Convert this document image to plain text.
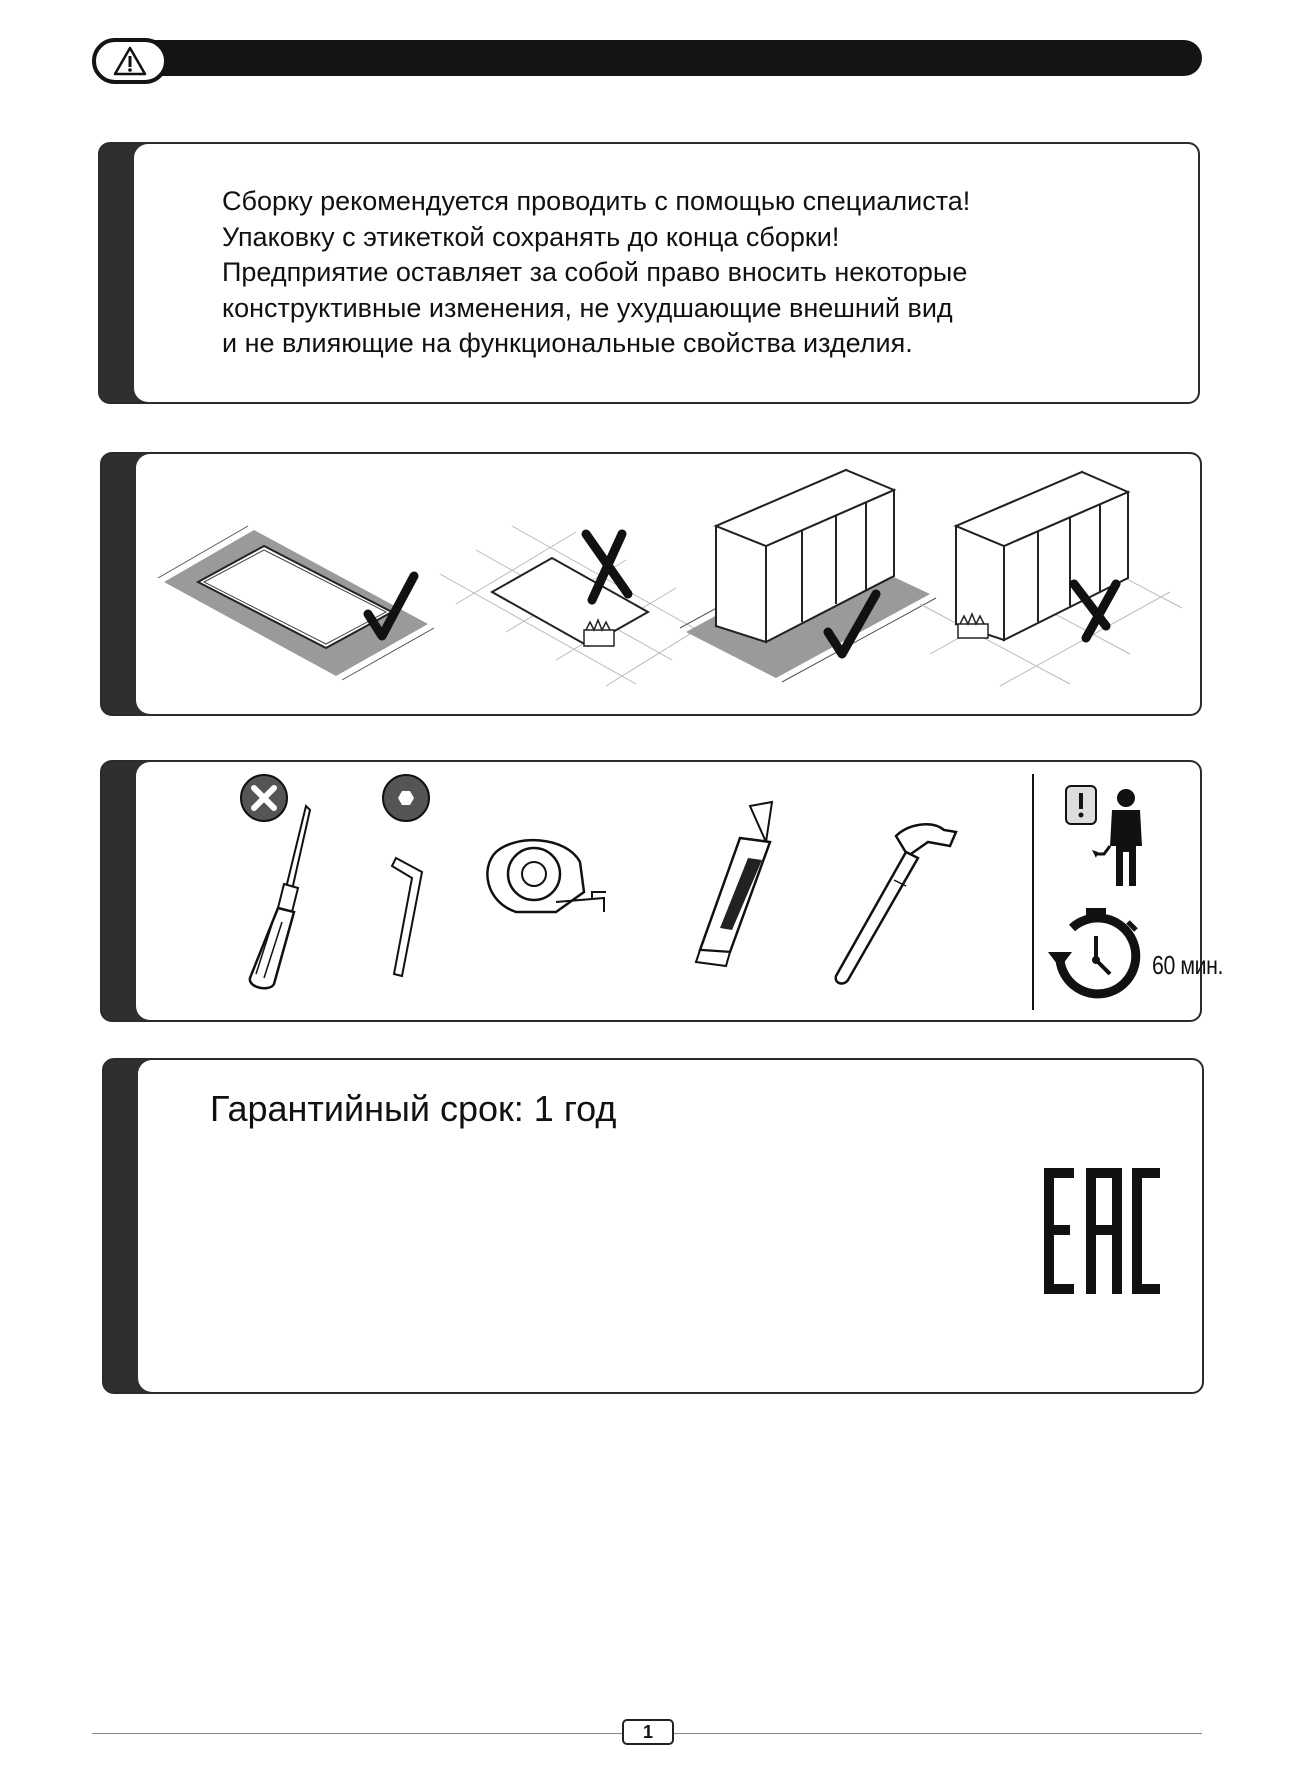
Сборку рекомендуется проводить с помощью специалиста!
Упаковку с этикеткой сохранять до конца сборки!
Предприятие оставляет за собой право вносить некоторые
конструктивные изменения, не ухудшающие внешний вид
и не влияющие на функциональные свойства изделия.
60 мин.
Гарантийный срок: 1 год
1
